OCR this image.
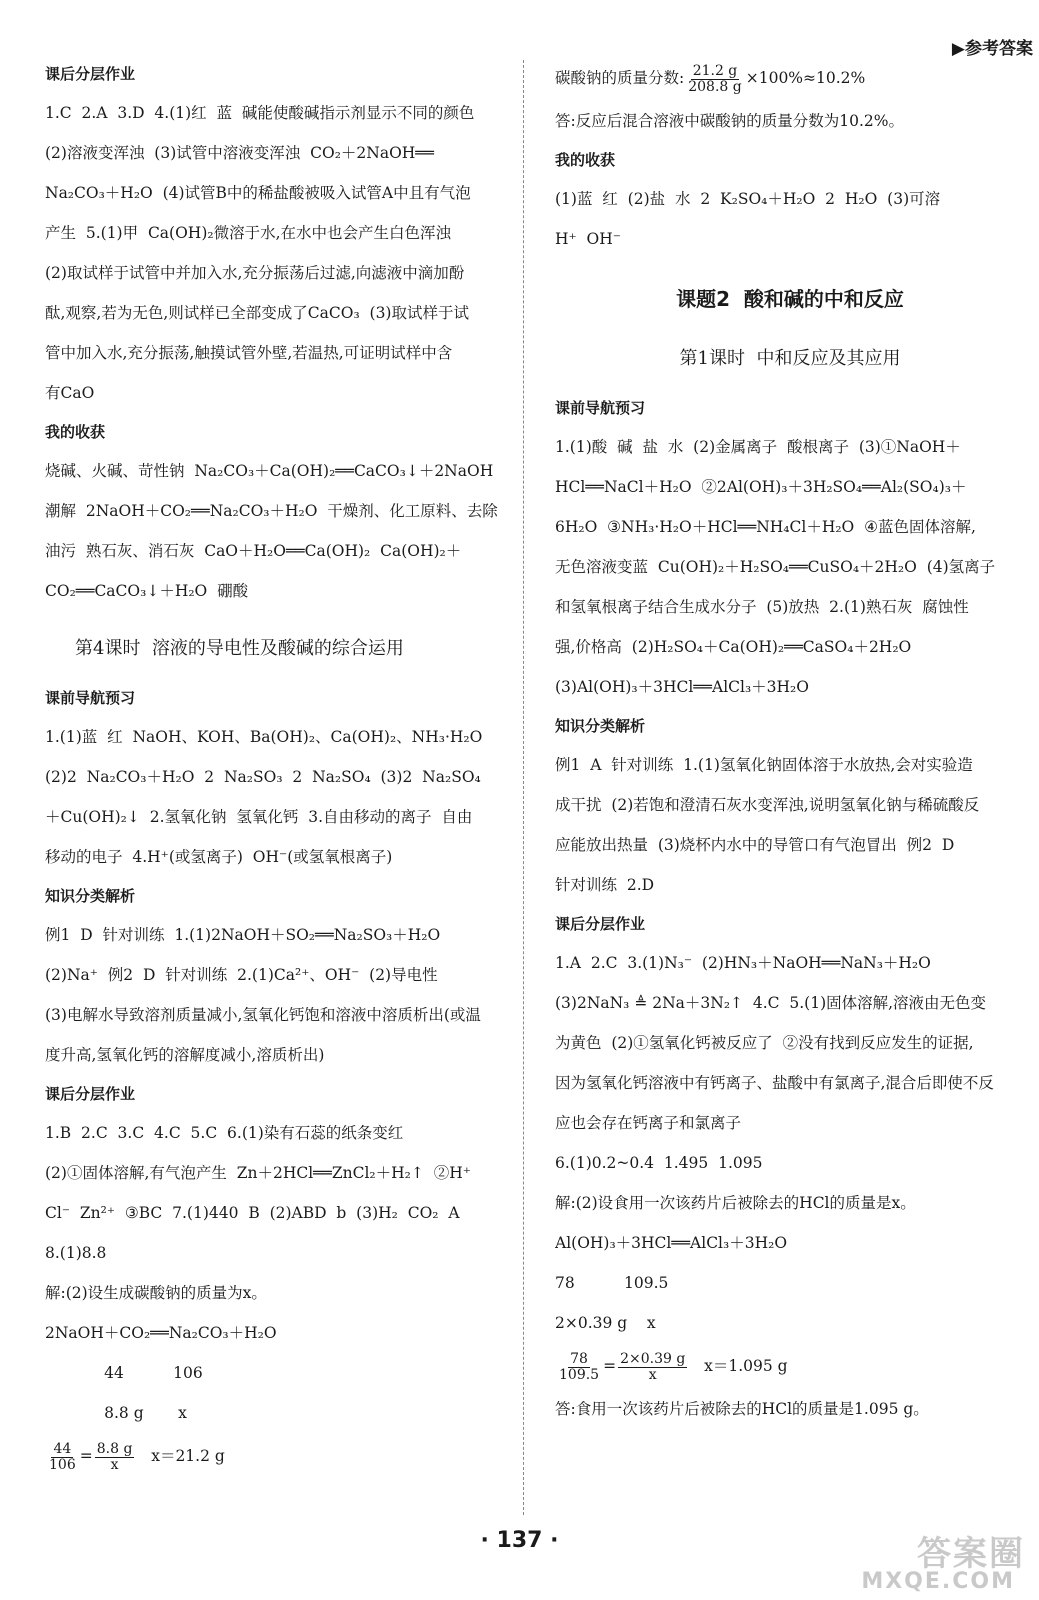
▶参考答案
课后分层作业
1.C  2.A  3.D  4.(1)红  蓝  碱能使酸碱指示剂显示不同的颜色
(2)溶液变浑浊  (3)试管中溶液变浑浊  CO₂＋2NaOH══
Na₂CO₃＋H₂O  (4)试管B中的稀盐酸被吸入试管A中且有气泡
产生  5.(1)甲  Ca(OH)₂微溶于水,在水中也会产生白色浑浊
(2)取试样于试管中并加入水,充分振荡后过滤,向滤液中滴加酚
酞,观察,若为无色,则试样已全部变成了CaCO₃  (3)取试样于试
管中加入水,充分振荡,触摸试管外壁,若温热,可证明试样中含
有CaO
我的收获
烧碱、火碱、苛性钠  Na₂CO₃＋Ca(OH)₂══CaCO₃↓＋2NaOH
潮解  2NaOH＋CO₂══Na₂CO₃＋H₂O  干燥剂、化工原料、去除
油污  熟石灰、消石灰  CaO＋H₂O══Ca(OH)₂  Ca(OH)₂＋
CO₂══CaCO₃↓＋H₂O  硼酸
第4课时  溶液的导电性及酸碱的综合运用
课前导航预习
1.(1)蓝  红  NaOH、KOH、Ba(OH)₂、Ca(OH)₂、NH₃·H₂O
(2)2  Na₂CO₃＋H₂O  2  Na₂SO₃  2  Na₂SO₄  (3)2  Na₂SO₄
＋Cu(OH)₂↓  2.氢氧化钠  氢氧化钙  3.自由移动的离子  自由
移动的电子  4.H⁺(或氢离子)  OH⁻(或氢氧根离子)
知识分类解析
例1  D  针对训练  1.(1)2NaOH＋SO₂══Na₂SO₃＋H₂O
(2)Na⁺  例2  D  针对训练  2.(1)Ca²⁺、OH⁻  (2)导电性
(3)电解水导致溶剂质量减小,氢氧化钙饱和溶液中溶质析出(或温
度升高,氢氧化钙的溶解度减小,溶质析出)
课后分层作业
1.B  2.C  3.C  4.C  5.C  6.(1)染有石蕊的纸条变红
(2)①固体溶解,有气泡产生  Zn＋2HCl══ZnCl₂＋H₂↑  ②H⁺
Cl⁻  Zn²⁺  ③BC  7.(1)440  B  (2)ABD  b  (3)H₂  CO₂  A
8.(1)8.8
解:(2)设生成碳酸钠的质量为x。
2NaOH＋CO₂══Na₂CO₃＋H₂O
44          106
8.8 g       x
$\frac{44}{106} = \frac{8.8 g}{x} x=21.2$ g
碳酸钠的质量分数: $\frac{21.2 g}{208.8 g} \times 100\%\approx 10.2\%$
答:反应后混合溶液中碳酸钠的质量分数为10.2%。
我的收获
(1)蓝  红  (2)盐  水  2  K₂SO₄＋H₂O  2  H₂O  (3)可溶
H⁺  OH⁻
课题2  酸和碱的中和反应
第1课时  中和反应及其应用
课前导航预习
1.(1)酸  碱  盐  水  (2)金属离子  酸根离子  (3)①NaOH＋
HCl══NaCl＋H₂O  ②2Al(OH)₃＋3H₂SO₄══Al₂(SO₄)₃＋
6H₂O  ③NH₃·H₂O＋HCl══NH₄Cl＋H₂O  ④蓝色固体溶解,
无色溶液变蓝  Cu(OH)₂＋H₂SO₄══CuSO₄＋2H₂O  (4)氢离子
和氢氧根离子结合生成水分子  (5)放热  2.(1)熟石灰  腐蚀性
强,价格高  (2)H₂SO₄＋Ca(OH)₂══CaSO₄＋2H₂O
(3)Al(OH)₃＋3HCl══AlCl₃＋3H₂O
知识分类解析
例1  A  针对训练  1.(1)氢氧化钠固体溶于水放热,会对实验造
成干扰  (2)若饱和澄清石灰水变浑浊,说明氢氧化钠与稀硫酸反
应能放出热量  (3)烧杯内水中的导管口有气泡冒出  例2  D
针对训练  2.D
课后分层作业
1.A  2.C  3.(1)N₃⁻  (2)HN₃＋NaOH══NaN₃＋H₂O
(3)2NaN₃ ≜ 2Na＋3N₂↑  4.C  5.(1)固体溶解,溶液由无色变
为黄色  (2)①氢氧化钙被反应了  ②没有找到反应发生的证据,
因为氢氧化钙溶液中有钙离子、盐酸中有氯离子,混合后即使不反
应也会存在钙离子和氯离子
6.(1)0.2~0.4  1.495  1.095
解:(2)设食用一次该药片后被除去的HCl的质量是x。
Al(OH)₃＋3HCl══AlCl₃＋3H₂O
78          109.5
2×0.39 g    x
$\frac{78}{109.5} = \frac{2\times 0.39 g}{x} x=1.095$ g
答:食用一次该药片后被除去的HCl的质量是1.095 g。
· 137 ·	答案圈
MXQE.COM
